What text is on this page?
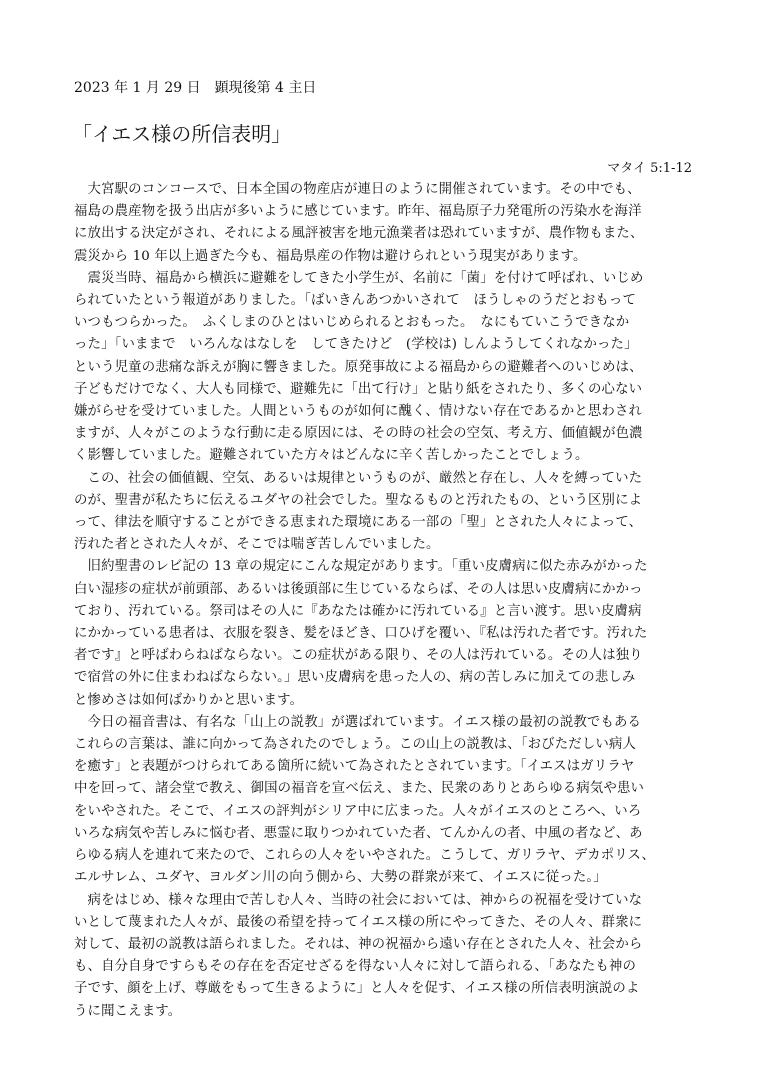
2023 年 1 月 29 日　顕現後第 4 主日
「イエス様の所信表明」
マタイ 5:1-12

　大宮駅のコンコースで、日本全国の物産店が連日のように開催されています。その中でも、
福島の農産物を扱う出店が多いように感じています。昨年、福島原子力発電所の汚染水を海洋
に放出する決定がされ、それによる風評被害を地元漁業者は恐れていますが、農作物もまた、
震災から 10 年以上過ぎた今も、福島県産の作物は避けられという現実があります。

　震災当時、福島から横浜に避難をしてきた小学生が、名前に「菌」を付けて呼ばれ、いじめ
られていたという報道がありました。「ばいきんあつかいされて　ほうしゃのうだとおもって
いつもつらかった。　ふくしまのひとはいじめられるとおもった。　なにもていこうできなか
った」「いままで　いろんなはなしを　してきたけど　(学校は) しんようしてくれなかった」
という児童の悲痛な訴えが胸に響きました。原発事故による福島からの避難者へのいじめは、
子どもだけでなく、大人も同様で、避難先に「出て行け」と貼り紙をされたり、多くの心ない
嫌がらせを受けていました。人間というものが如何に醜く、情けない存在であるかと思わされ
ますが、人々がこのような行動に走る原因には、その時の社会の空気、考え方、価値観が色濃
く影響していました。避難されていた方々はどんなに辛く苦しかったことでしょう。

　この、社会の価値観、空気、あるいは規律というものが、厳然と存在し、人々を縛っていた
のが、聖書が私たちに伝えるユダヤの社会でした。聖なるものと汚れたもの、という区別によ
って、律法を順守することができる恵まれた環境にある一部の「聖」とされた人々によって、
汚れた者とされた人々が、そこでは喘ぎ苦しんでいました。

　旧約聖書のレビ記の 13 章の規定にこんな規定があります。「重い皮膚病に似た赤みがかった
白い湿疹の症状が前頭部、あるいは後頭部に生じているならば、その人は思い皮膚病にかかっ
ており、汚れている。祭司はその人に『あなたは確かに汚れている』と言い渡す。思い皮膚病
にかかっている患者は、衣服を裂き、髪をほどき、口ひげを覆い、『私は汚れた者です。汚れた
者です』と呼ばわらねばならない。この症状がある限り、その人は汚れている。その人は独り
で宿営の外に住まわねばならない。」思い皮膚病を患った人の、病の苦しみに加えての悲しみ
と惨めさは如何ばかりかと思います。

　今日の福音書は、有名な「山上の説教」が選ばれています。イエス様の最初の説教でもある
これらの言葉は、誰に向かって為されたのでしょう。この山上の説教は、「おびただしい病人
を癒す」と表題がつけられてある箇所に続いて為されたとされています。「イエスはガリラヤ
中を回って、諸会堂で教え、御国の福音を宣べ伝え、また、民衆のありとあらゆる病気や患い
をいやされた。そこで、イエスの評判がシリア中に広まった。人々がイエスのところへ、いろ
いろな病気や苦しみに悩む者、悪霊に取りつかれていた者、てんかんの者、中風の者など、あ
らゆる病人を連れて来たので、これらの人々をいやされた。こうして、ガリラヤ、デカポリス、
エルサレム、ユダヤ、ヨルダン川の向う側から、大勢の群衆が来て、イエスに従った。」

　病をはじめ、様々な理由で苦しむ人々、当時の社会においては、神からの祝福を受けていな
いとして蔑まれた人々が、最後の希望を持ってイエス様の所にやってきた、その人々、群衆に
対して、最初の説教は語られました。それは、神の祝福から遠い存在とされた人々、社会から
も、自分自身ですらもその存在を否定せざるを得ない人々に対して語られる、「あなたも神の
子です、顔を上げ、尊厳をもって生きるように」と人々を促す、イエス様の所信表明演説のよ
うに聞こえます。
